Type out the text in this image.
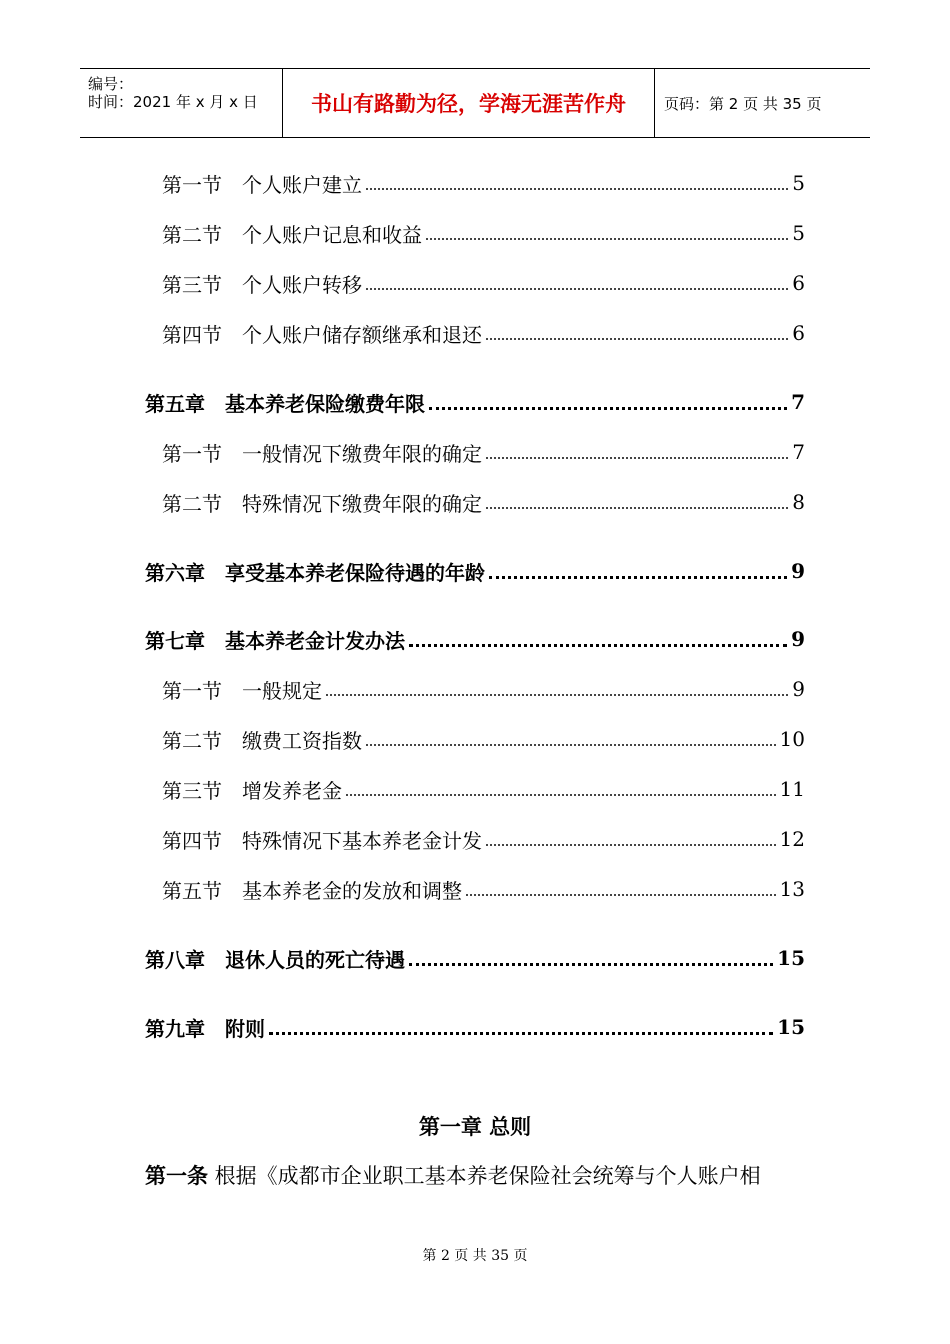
编号：
时间：2021 年 x 月 x 日	书山有路勤为径，学海无涯苦作舟	页码：第 2 页 共 35 页
第一节　个人账户建立	5
第二节　个人账户记息和收益	5
第三节　个人账户转移	6
第四节　个人账户储存额继承和退还	6
第五章　基本养老保险缴费年限	7
第一节　一般情况下缴费年限的确定	7
第二节　特殊情况下缴费年限的确定	8
第六章　享受基本养老保险待遇的年龄	9
第七章　基本养老金计发办法	9
第一节　一般规定	9
第二节　缴费工资指数	10
第三节　增发养老金	11
第四节　特殊情况下基本养老金计发	12
第五节　基本养老金的发放和调整	13
第八章　退休人员的死亡待遇	15
第九章　附则	15
第一章 总则
第一条 根据《成都市企业职工基本养老保险社会统筹与个人账户相
第 2 页 共 35 页
